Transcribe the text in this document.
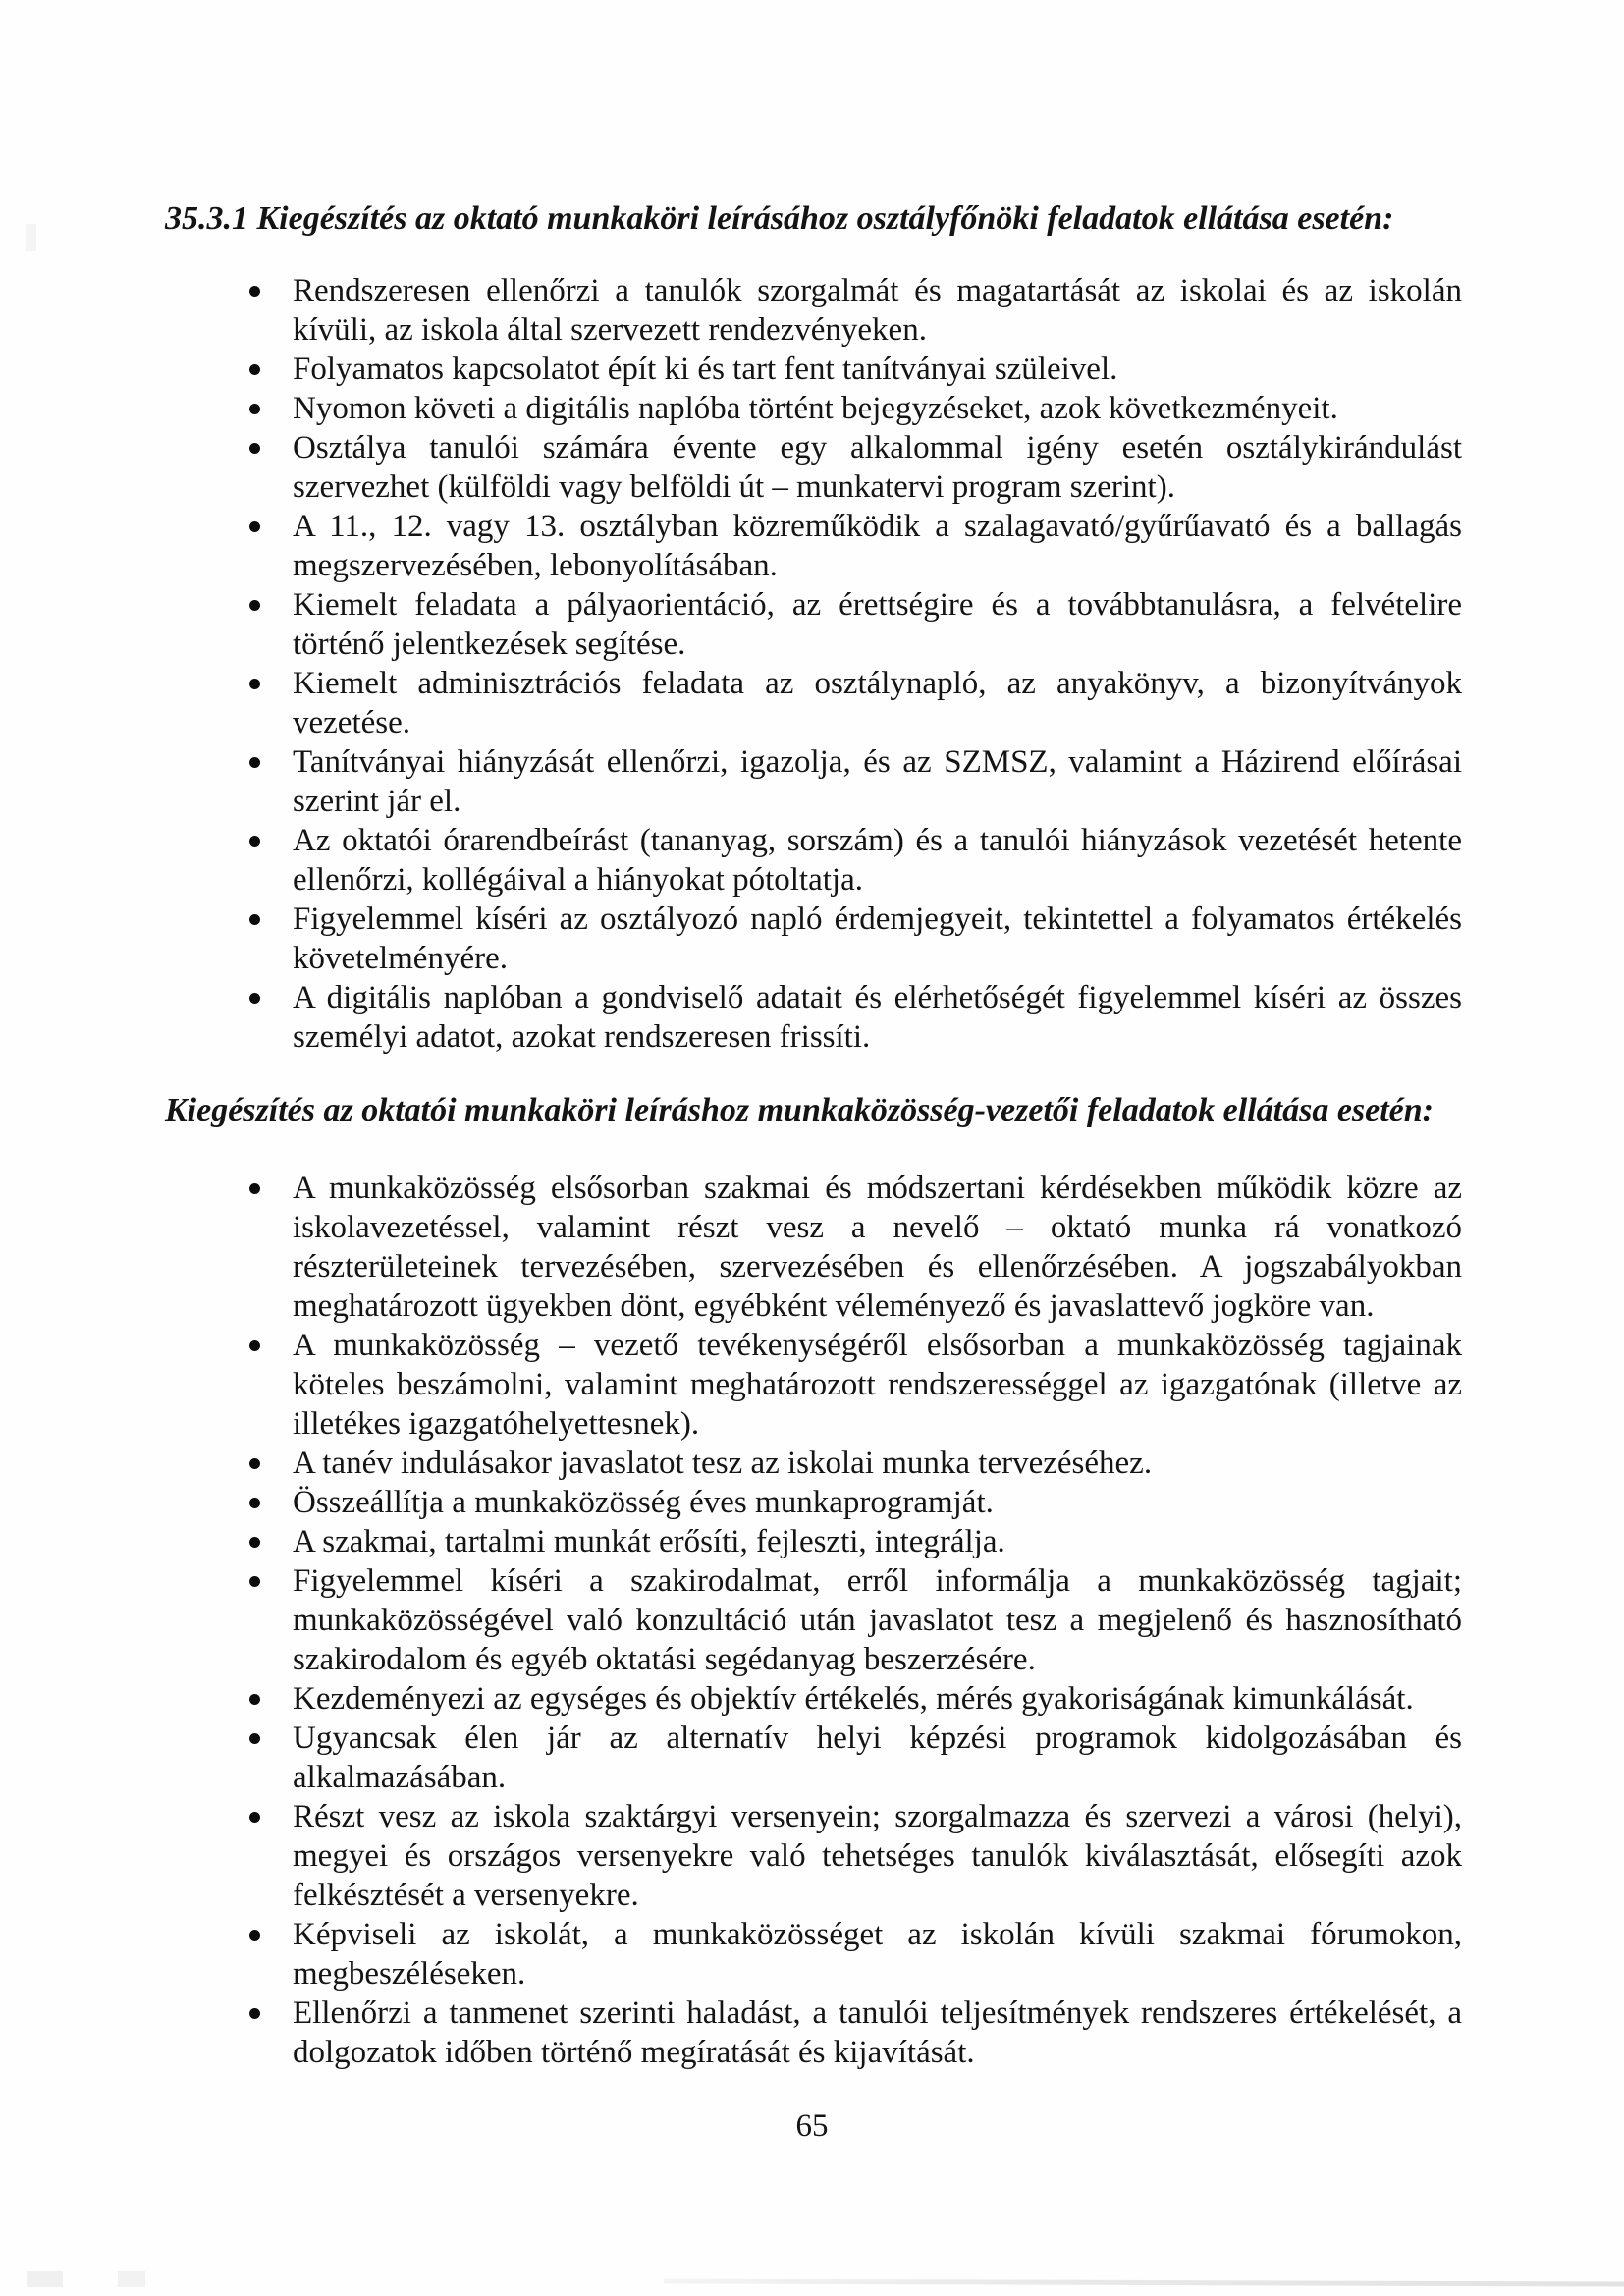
35.3.1 Kiegészítés az oktató munkaköri leírásához osztályfőnöki feladatok ellátása esetén:
Rendszeresen ellenőrzi a tanulók szorgalmát és magatartását az iskolai és az iskolán kívüli, az iskola által szervezett rendezvényeken.
Folyamatos kapcsolatot épít ki és tart fent tanítványai szüleivel.
Nyomon követi a digitális naplóba történt bejegyzéseket, azok következményeit.
Osztálya tanulói számára évente egy alkalommal igény esetén osztálykirándulást szervezhet (külföldi vagy belföldi út – munkatervi program szerint).
A 11., 12. vagy 13. osztályban közreműködik a szalagavató/gyűrűavató és a ballagás megszervezésében, lebonyolításában.
Kiemelt feladata a pályaorientáció, az érettségire és a továbbtanulásra, a felvételire történő jelentkezések segítése.
Kiemelt adminisztrációs feladata az osztálynapló, az anyakönyv, a bizonyítványok vezetése.
Tanítványai hiányzását ellenőrzi, igazolja, és az SZMSZ, valamint a Házirend előírásai szerint jár el.
Az oktatói órarendbeírást (tananyag, sorszám) és a tanulói hiányzások vezetését hetente ellenőrzi, kollégáival a hiányokat pótoltatja.
Figyelemmel kíséri az osztályozó napló érdemjegyeit, tekintettel a folyamatos értékelés követelményére.
A digitális naplóban a gondviselő adatait és elérhetőségét figyelemmel kíséri az összes személyi adatot, azokat rendszeresen frissíti.
Kiegészítés az oktatói munkaköri leíráshoz munkaközösség-vezetői feladatok ellátása esetén:
A munkaközösség elsősorban szakmai és módszertani kérdésekben működik közre az iskolavezetéssel, valamint részt vesz a nevelő – oktató munka rá vonatkozó részterületeinek tervezésében, szervezésében és ellenőrzésében. A jogszabályokban meghatározott ügyekben dönt, egyébként véleményező és javaslattevő jogköre van.
A munkaközösség – vezető tevékenységéről elsősorban a munkaközösség tagjainak köteles beszámolni, valamint meghatározott rendszerességgel az igazgatónak (illetve az illetékes igazgatóhelyettesnek).
A tanév indulásakor javaslatot tesz az iskolai munka tervezéséhez.
Összeállítja a munkaközösség éves munkaprogramját.
A szakmai, tartalmi munkát erősíti, fejleszti, integrálja.
Figyelemmel kíséri a szakirodalmat, erről informálja a munkaközösség tagjait; munkaközösségével való konzultáció után javaslatot tesz a megjelenő és hasznosítható szakirodalom és egyéb oktatási segédanyag beszerzésére.
Kezdeményezi az egységes és objektív értékelés, mérés gyakoriságának kimunkálását.
Ugyancsak élen jár az alternatív helyi képzési programok kidolgozásában és alkalmazásában.
Részt vesz az iskola szaktárgyi versenyein; szorgalmazza és szervezi a városi (helyi), megyei és országos versenyekre való tehetséges tanulók kiválasztását, elősegíti azok felkésztését a versenyekre.
Képviseli az iskolát, a munkaközösséget az iskolán kívüli szakmai fórumokon, megbeszéléseken.
Ellenőrzi a tanmenet szerinti haladást, a tanulói teljesítmények rendszeres értékelését, a dolgozatok időben történő megíratását és kijavítását.
65
